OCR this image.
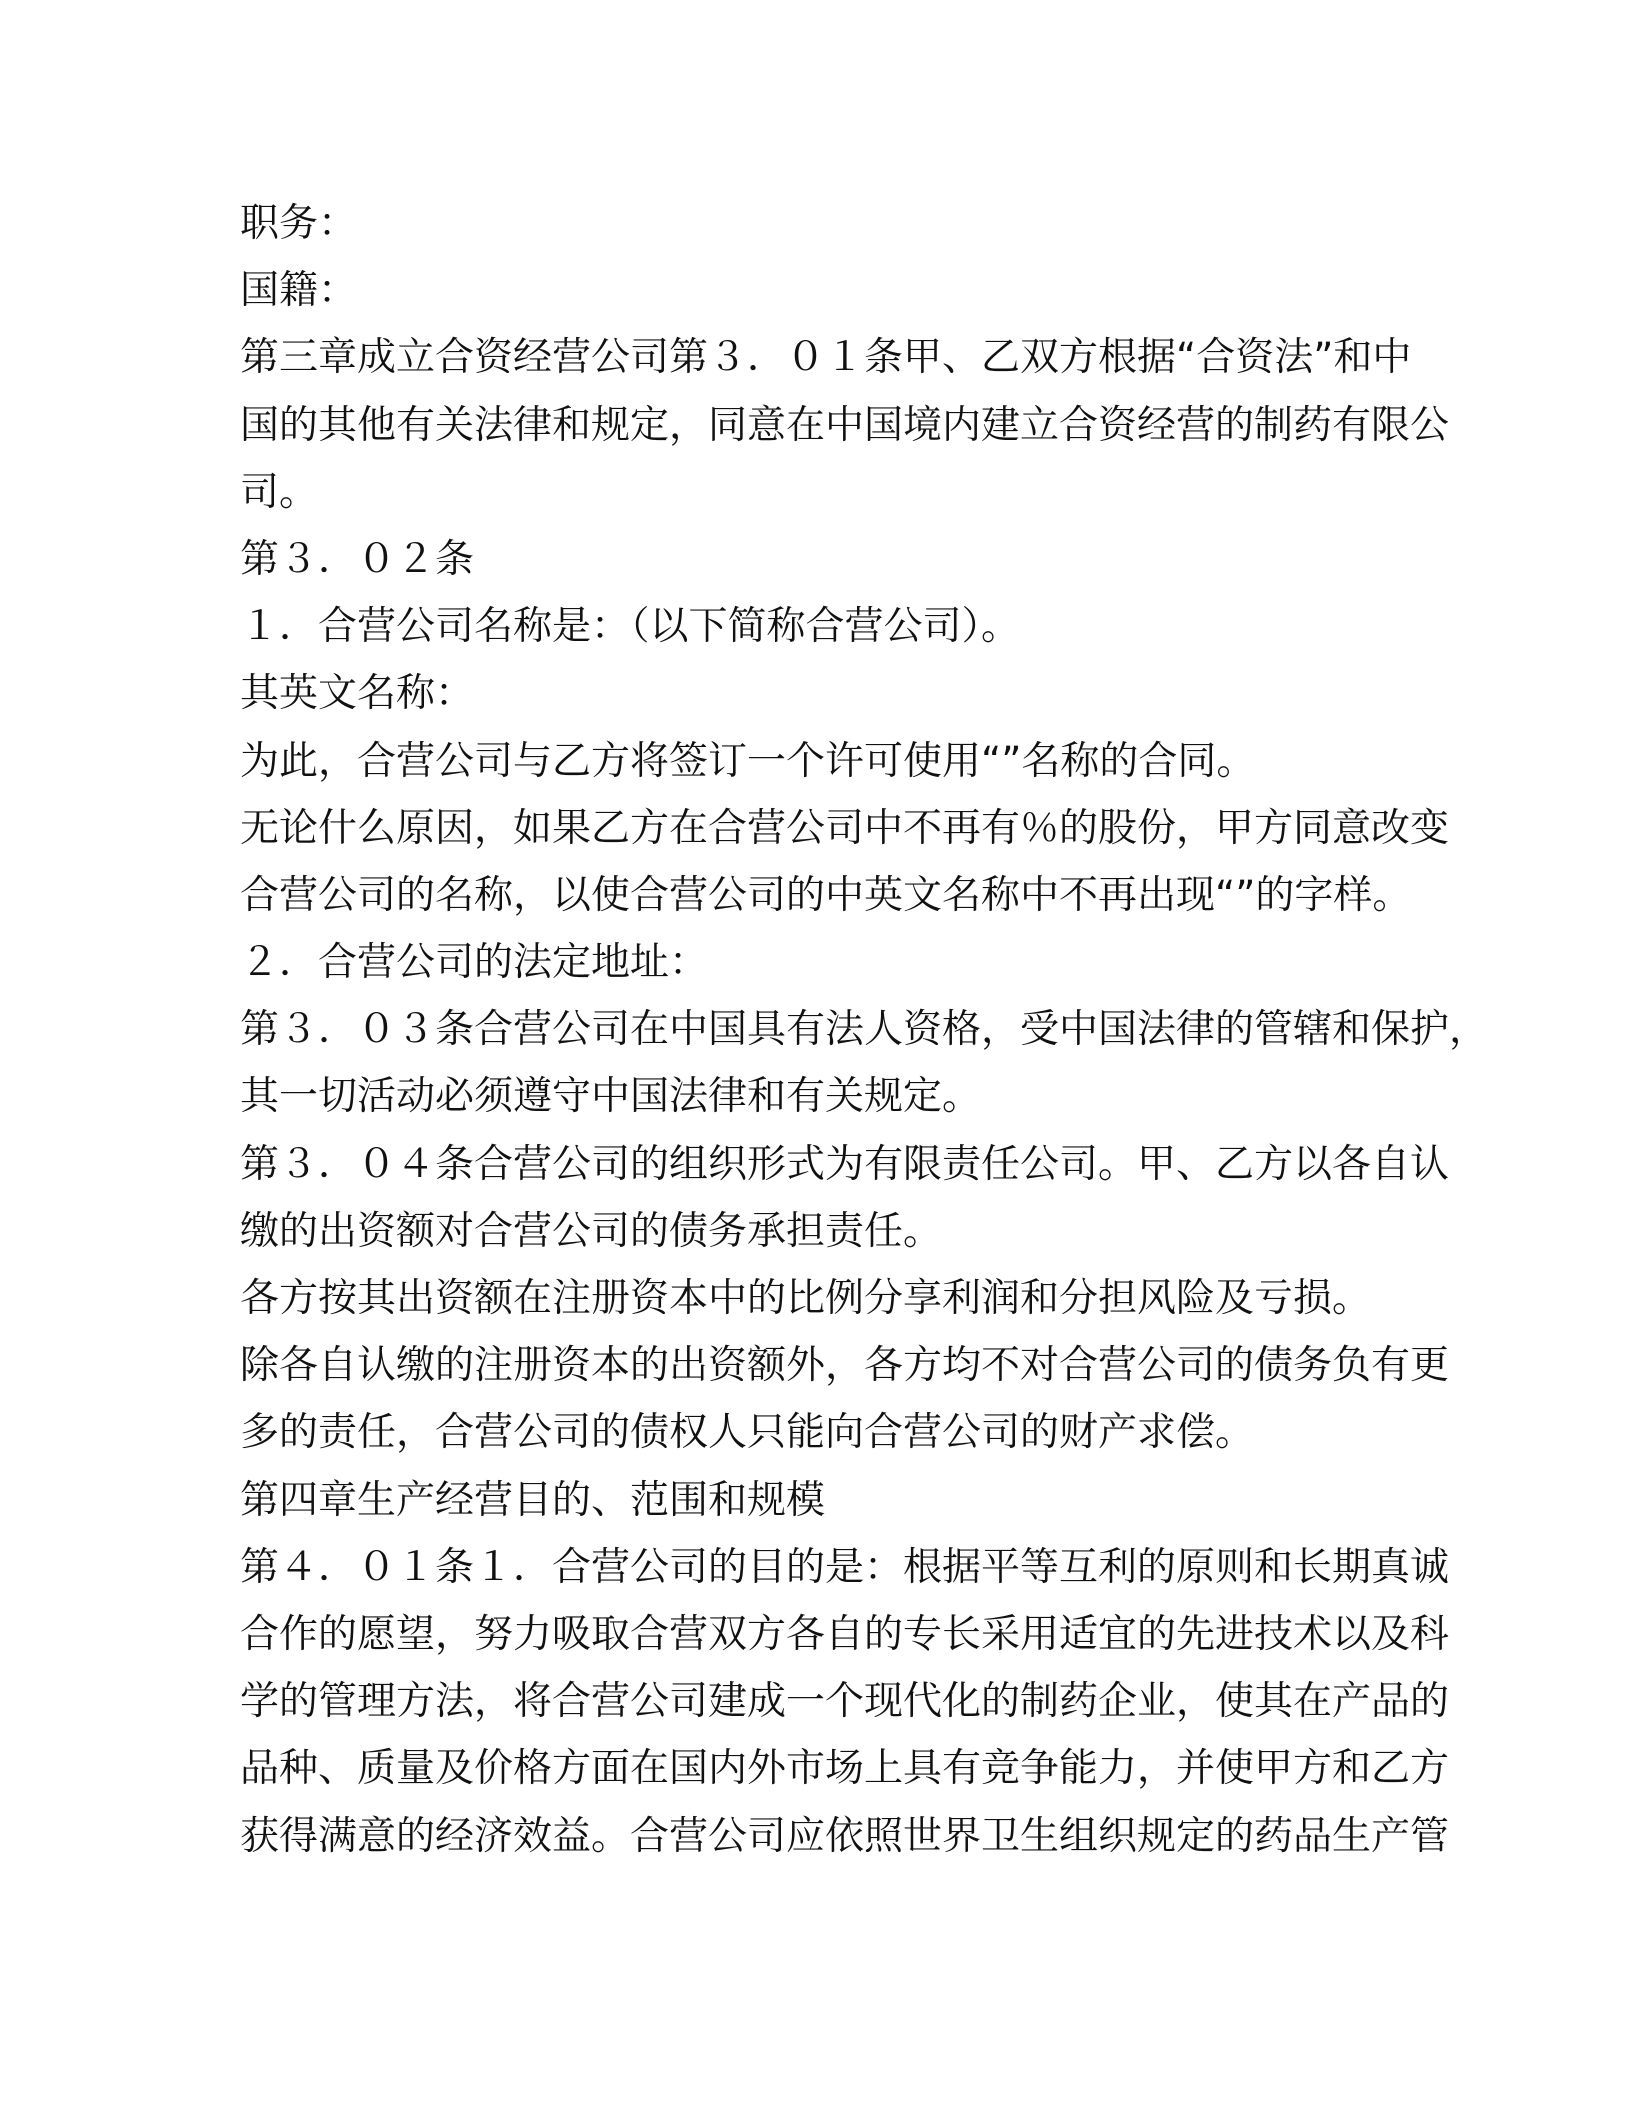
职务：
国籍：
第三章成立合资经营公司第３．０１条甲、乙双方根据“合资法”和中
国的其他有关法律和规定，同意在中国境内建立合资经营的制药有限公
司。
第３．０２条
１．合营公司名称是：（以下简称合营公司）。
其英文名称：
为此，合营公司与乙方将签订一个许可使用“”名称的合同。
无论什么原因，如果乙方在合营公司中不再有％的股份，甲方同意改变
合营公司的名称，以使合营公司的中英文名称中不再出现“”的字样。
２．合营公司的法定地址：
第３．０３条合营公司在中国具有法人资格，受中国法律的管辖和保护，
其一切活动必须遵守中国法律和有关规定。
第３．０４条合营公司的组织形式为有限责任公司。甲、乙方以各自认
缴的出资额对合营公司的债务承担责任。
各方按其出资额在注册资本中的比例分享利润和分担风险及亏损。
除各自认缴的注册资本的出资额外，各方均不对合营公司的债务负有更
多的责任，合营公司的债权人只能向合营公司的财产求偿。
第四章生产经营目的、范围和规模
第４．０１条１．合营公司的目的是：根据平等互利的原则和长期真诚
合作的愿望，努力吸取合营双方各自的专长采用适宜的先进技术以及科
学的管理方法，将合营公司建成一个现代化的制药企业，使其在产品的
品种、质量及价格方面在国内外市场上具有竞争能力，并使甲方和乙方
获得满意的经济效益。合营公司应依照世界卫生组织规定的药品生产管
